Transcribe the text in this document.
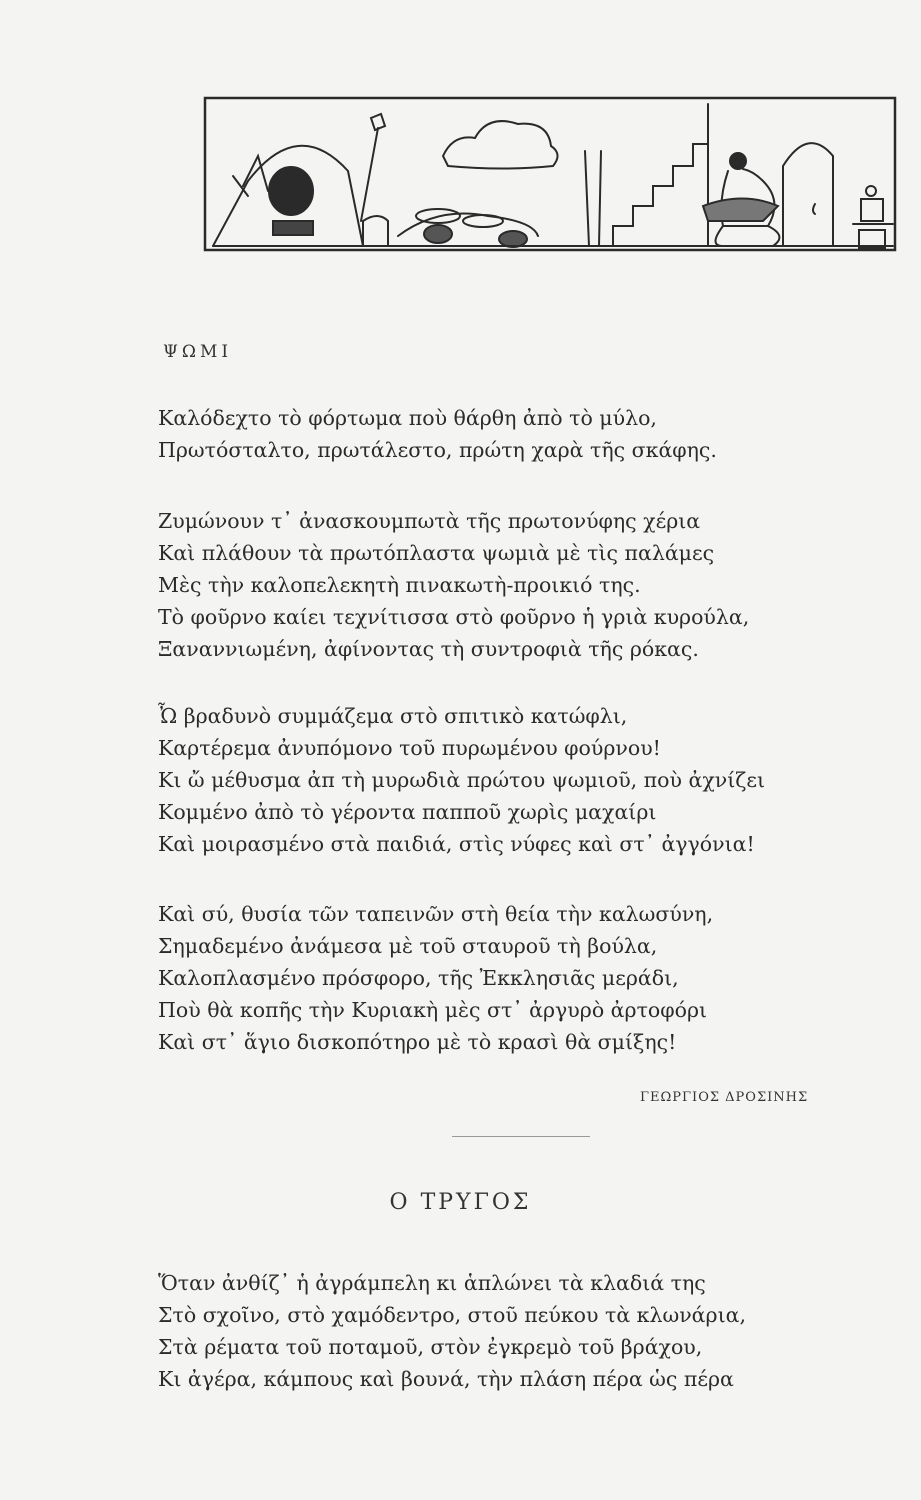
ΨΩΜΙ
Καλόδεχτο τὸ φόρτωμα ποὺ θάρθη ἀπὸ τὸ μύλο,
Πρωτόσταλτο, πρωτάλεστο, πρώτη χαρὰ τῆς σκάφης.
Ζυμώνουν τ᾽ ἀνασκουμπωτὰ τῆς πρωτονύφης χέρια
Καὶ πλάθουν τὰ πρωτόπλαστα ψωμιὰ μὲ τὶς παλάμες
Μὲς τὴν καλοπελεκητὴ πινακωτὴ-προικιό της.
Τὸ φοῦρνο καίει τεχνίτισσα στὸ φοῦρνο ἡ γριὰ κυρούλα,
Ξαναννιωμένη, ἀφίνοντας τὴ συντροφιὰ τῆς ρόκας.
Ὦ βραδυνὸ συμμάζεμα στὸ σπιτικὸ κατώφλι,
Καρτέρεμα ἀνυπόμονο τοῦ πυρωμένου φούρνου!
Κι ὤ μέθυσμα ἀπ τὴ μυρωδιὰ πρώτου ψωμιοῦ, ποὺ ἀχνίζει
Κομμένο ἀπὸ τὸ γέροντα παπποῦ χωρὶς μαχαίρι
Καὶ μοιρασμένο στὰ παιδιά, στὶς νύφες καὶ στ᾽ ἀγγόνια!
Καὶ σύ, θυσία τῶν ταπεινῶν στὴ θεία τὴν καλωσύνη,
Σημαδεμένο ἀνάμεσα μὲ τοῦ σταυροῦ τὴ βούλα,
Καλοπλασμένο πρόσφορο, τῆς Ἐκκλησιᾶς μεράδι,
Ποὺ θὰ κοπῆς τὴν Κυριακὴ μὲς στ᾽ ἀργυρὸ ἀρτοφόρι
Καὶ στ᾽ ἅγιο δισκοπότηρο μὲ τὸ κρασὶ θὰ σμίξης!
ΓΕΩΡΓΙΟΣ ΔΡΟΣΙΝΗΣ
Ο ΤΡΥΓΟΣ
Ὅταν ἀνθίζ᾽ ἡ ἀγράμπελη κι ἁπλώνει τὰ κλαδιά της
Στὸ σχοῖνο, στὸ χαμόδεντρο, στοῦ πεύκου τὰ κλωνάρια,
Στὰ ρέματα τοῦ ποταμοῦ, στὸν ἐγκρεμὸ τοῦ βράχου,
Κι ἀγέρα, κάμπους καὶ βουνά, τὴν πλάση πέρα ὡς πέρα
